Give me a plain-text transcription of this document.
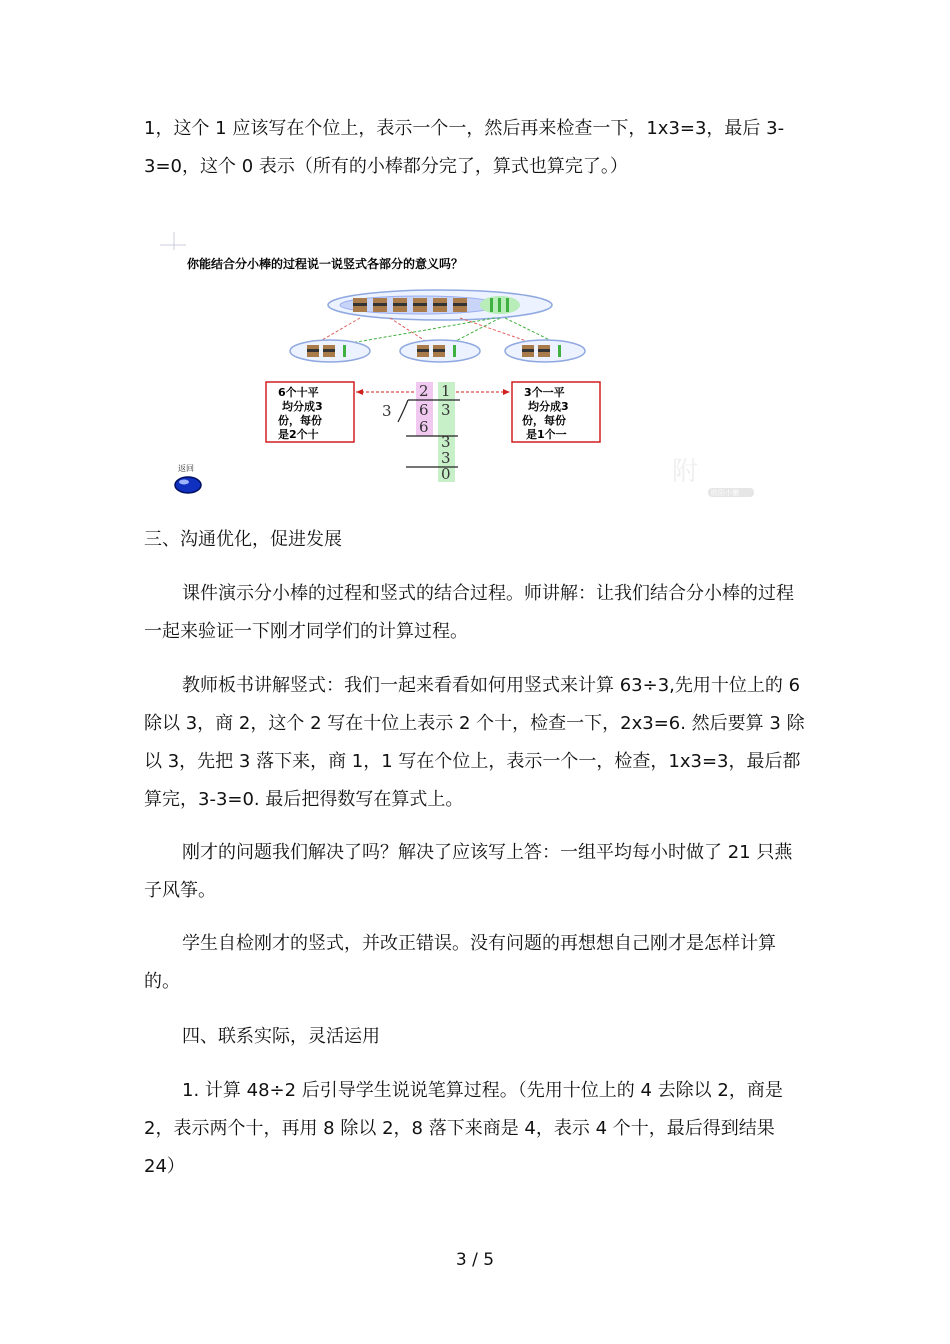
1，这个 1 应该写在个位上，表示一个一，然后再来检查一下，1x3=3，最后 3-3=0，这个 0 表示（所有的小棒都分完了，算式也算完了。）

你能结合分小棒的过程说一说竖式各部分的意义吗？
6个十平
均分成3
份，每份
是2个十
3个一平
均分成3
份，每份
是1个一
2 1
3 6 3
6
3
3
0
返回	附
欧阳小懒

三、沟通优化，促进发展

课件演示分小棒的过程和竖式的结合过程。师讲解：让我们结合分小棒的过程一起来验证一下刚才同学们的计算过程。

教师板书讲解竖式：我们一起来看看如何用竖式来计算 63÷3,先用十位上的 6 除以 3，商 2，这个 2 写在十位上表示 2 个十，检查一下，2x3=6. 然后要算 3 除以 3，先把 3 落下来，商 1，1 写在个位上，表示一个一，检查，1x3=3，最后都算完，3-3=0. 最后把得数写在算式上。

刚才的问题我们解决了吗？解决了应该写上答：一组平均每小时做了 21 只燕子风筝。

学生自检刚才的竖式，并改正错误。没有问题的再想想自己刚才是怎样计算的。

四、联系实际，灵活运用

1. 计算 48÷2 后引导学生说说笔算过程。（先用十位上的 4 去除以 2，商是 2，表示两个十，再用 8 除以 2，8 落下来商是 4，表示 4 个十，最后得到结果 24）

3 / 5
